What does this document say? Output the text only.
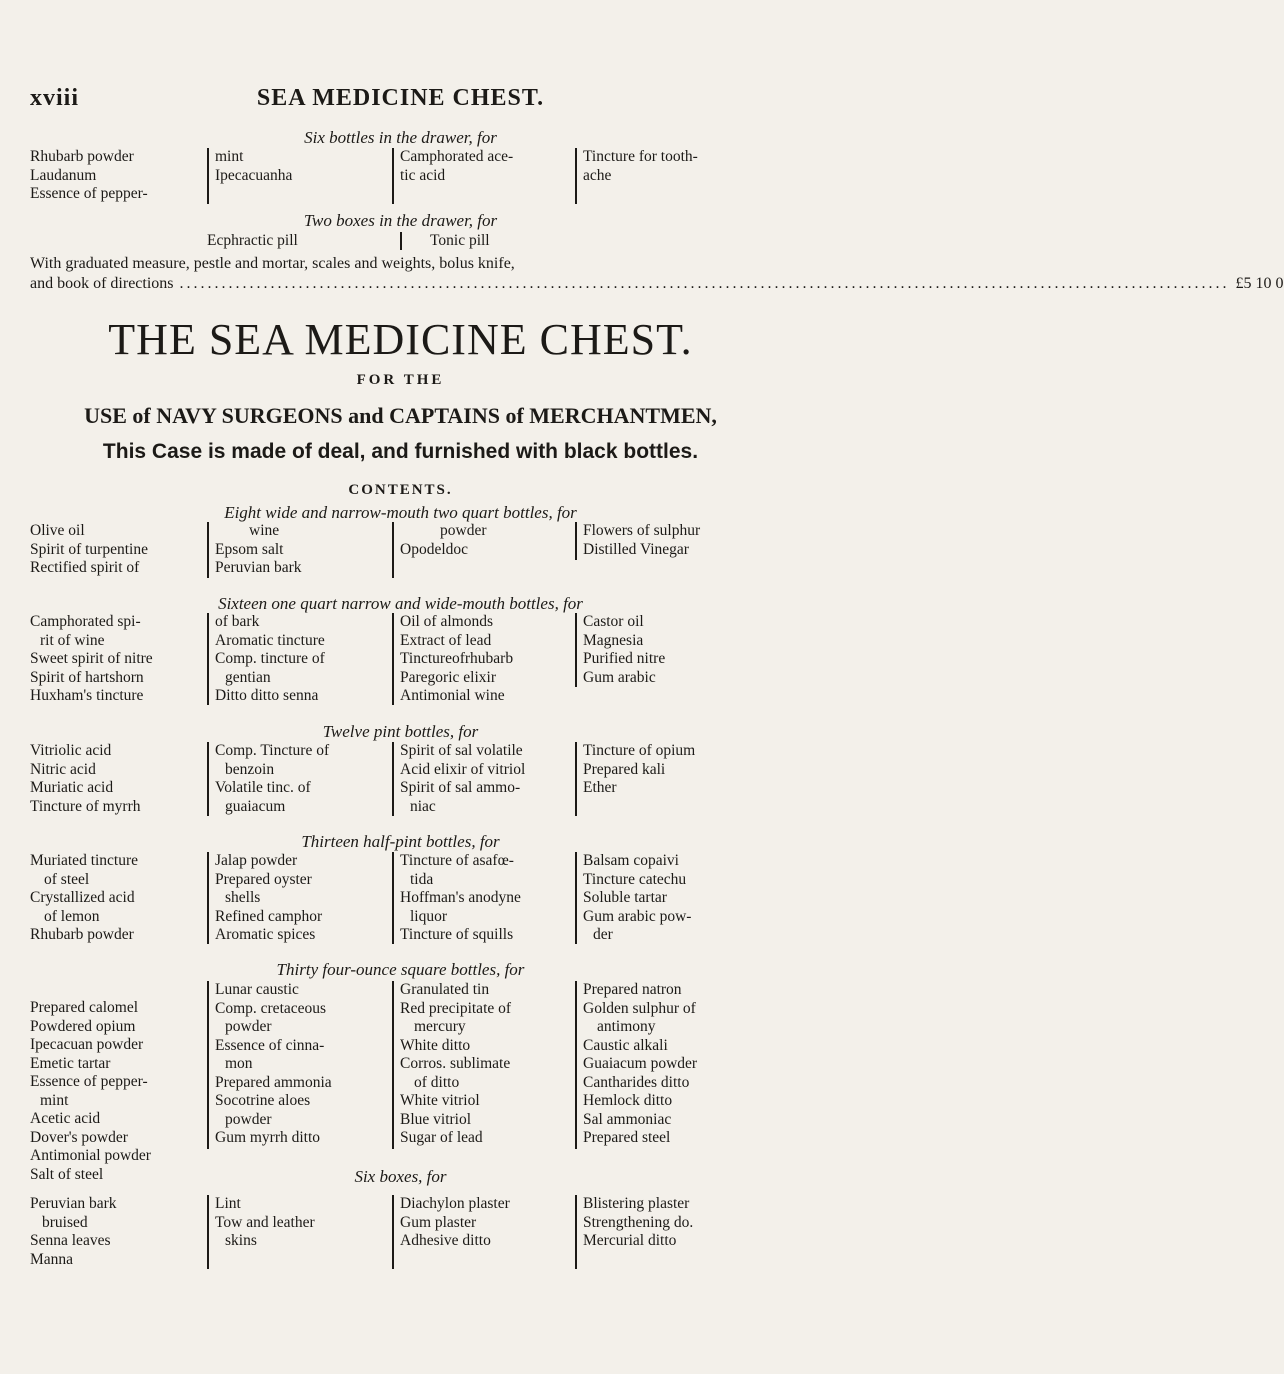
xviii	SEA MEDICINE CHEST.
Six bottles in the drawer, for
Rhubarb powder
Laudanum
Essence of pepper-
mint
Ipecacuanha
Camphorated ace-
tic acid
Tincture for tooth-
ache
Two boxes in the drawer, for
Ecphractic pill	Tonic pill
With graduated measure, pestle and mortar, scales and weights, bolus knife,
and book of directions ...................................................................................................................................................... £5 10 0
THE SEA MEDICINE CHEST.
FOR THE
USE of NAVY SURGEONS and CAPTAINS of MERCHANTMEN,
This Case is made of deal, and furnished with black bottles.
CONTENTS.
Eight wide and narrow-mouth two quart bottles, for
Olive oil
Spirit of turpentine
Rectified spirit of
wine
Epsom salt
Peruvian bark
powder
Opodeldoc
Flowers of sulphur
Distilled Vinegar
Sixteen one quart narrow and wide-mouth bottles, for
Camphorated spi-
rit of wine
Sweet spirit of nitre
Spirit of hartshorn
Huxham's tincture
of bark
Aromatic tincture
Comp. tincture of
gentian
Ditto ditto senna
Oil of almonds
Extract of lead
Tinctureofrhubarb
Paregoric elixir
Antimonial wine
Castor oil
Magnesia
Purified nitre
Gum arabic
Twelve pint bottles, for
Vitriolic acid
Nitric acid
Muriatic acid
Tincture of myrrh
Comp. Tincture of
benzoin
Volatile tinc. of
guaiacum
Spirit of sal volatile
Acid elixir of vitriol
Spirit of sal ammo-
niac
Tincture of opium
Prepared kali
Ether
Thirteen half-pint bottles, for
Muriated tincture
of steel
Crystallized acid
of lemon
Rhubarb powder
Jalap powder
Prepared oyster
shells
Refined camphor
Aromatic spices
Tincture of asafœ-
tida
Hoffman's anodyne
liquor
Tincture of squills
Balsam copaivi
Tincture catechu
Soluble tartar
Gum arabic pow-
der
Thirty four-ounce square bottles, for
Prepared calomel
Powdered opium
Ipecacuan powder
Emetic tartar
Essence of pepper-
mint
Acetic acid
Dover's powder
Antimonial powder
Salt of steel
Lunar caustic
Comp. cretaceous
powder
Essence of cinna-
mon
Prepared ammonia
Socotrine aloes
powder
Gum myrrh ditto
Granulated tin
Red precipitate of
mercury
White ditto
Corros. sublimate
of ditto
White vitriol
Blue vitriol
Sugar of lead
Prepared natron
Golden sulphur of
antimony
Caustic alkali
Guaiacum powder
Cantharides ditto
Hemlock ditto
Sal ammoniac
Prepared steel
Six boxes, for
Peruvian bark
bruised
Senna leaves
Manna
Lint
Tow and leather
skins
Diachylon plaster
Gum plaster
Adhesive ditto
Blistering plaster
Strengthening do.
Mercurial ditto
